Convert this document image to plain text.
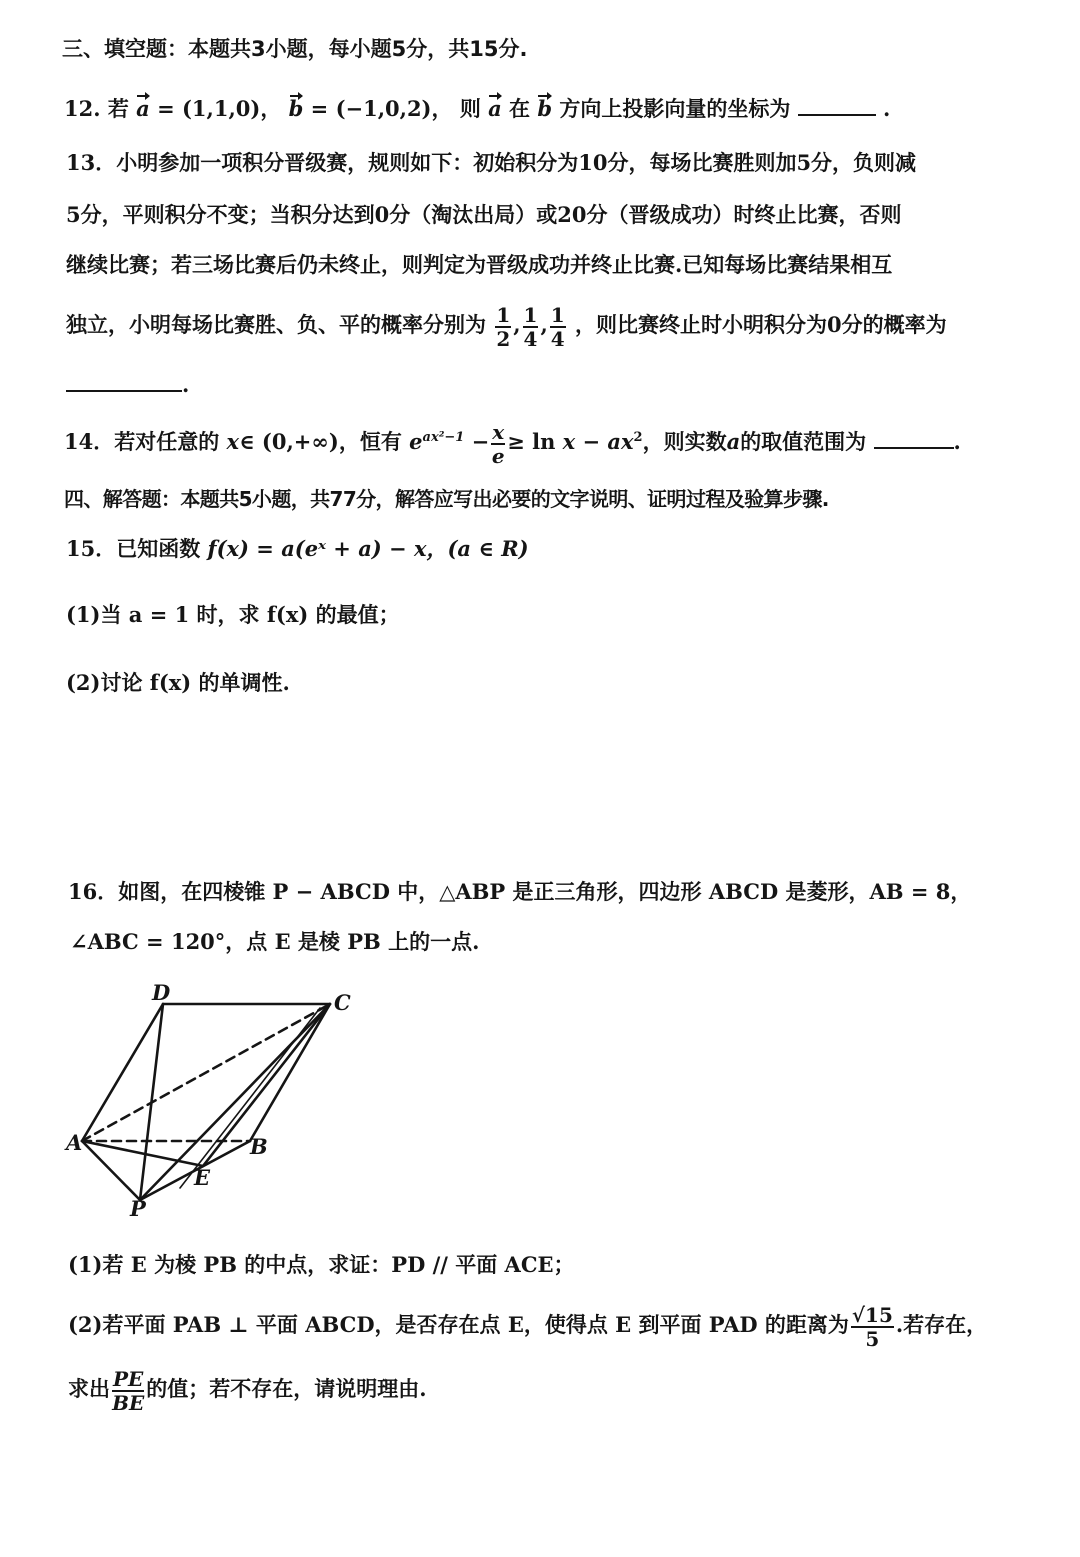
三、填空题：本题共3小题，每小题5分，共15分.
12. 若 a = (1,1,0)， b = (−1,0,2)， 则 a 在 b 方向上投影向量的坐标为	.
13．小明参加一项积分晋级赛，规则如下：初始积分为10分，每场比赛胜则加5分，负则减
5分，平则积分不变；当积分达到0分（淘汰出局）或20分（晋级成功）时终止比赛，否则
继续比赛；若三场比赛后仍未终止，则判定为晋级成功并终止比赛.已知每场比赛结果相互
独立，小明每场比赛胜、负、平的概率分别为 $\frac{1}{2}$ , $\frac{1}{4}$ , $\frac{1}{4}$ ，则比赛终止时小明积分为0分的概率为
.
14．若对任意的 x∈ (0,+∞)，恒有 $e^{ax^2-1} - \frac{x}{e} \ge \ln x - ax^2$，则实数a的取值范围为	.
四、解答题：本题共5小题，共77分，解答应写出必要的文字说明、证明过程及验算步骤.
15．已知函数 f(x) = a(eˣ + a) − x，(a ∈ R)
(1)当 a = 1 时，求 f(x) 的最值；
(2)讨论 f(x) 的单调性.
16．如图，在四棱锥 P − ABCD 中，△ABP 是正三角形，四边形 ABCD 是菱形，AB = 8，
∠ABC = 120°，点 E 是棱 PB 上的一点.
D	C
A	B
E
P
(1)若 E 为棱 PB 的中点，求证：PD // 平面 ACE；
(2)若平面 PAB ⊥ 平面 ABCD，是否存在点 E，使得点 E 到平面 PAD 的距离为 $\frac{√15}{5}$ .若存在，
求出 $\frac{PE}{BE}$ 的值；若不存在，请说明理由.
